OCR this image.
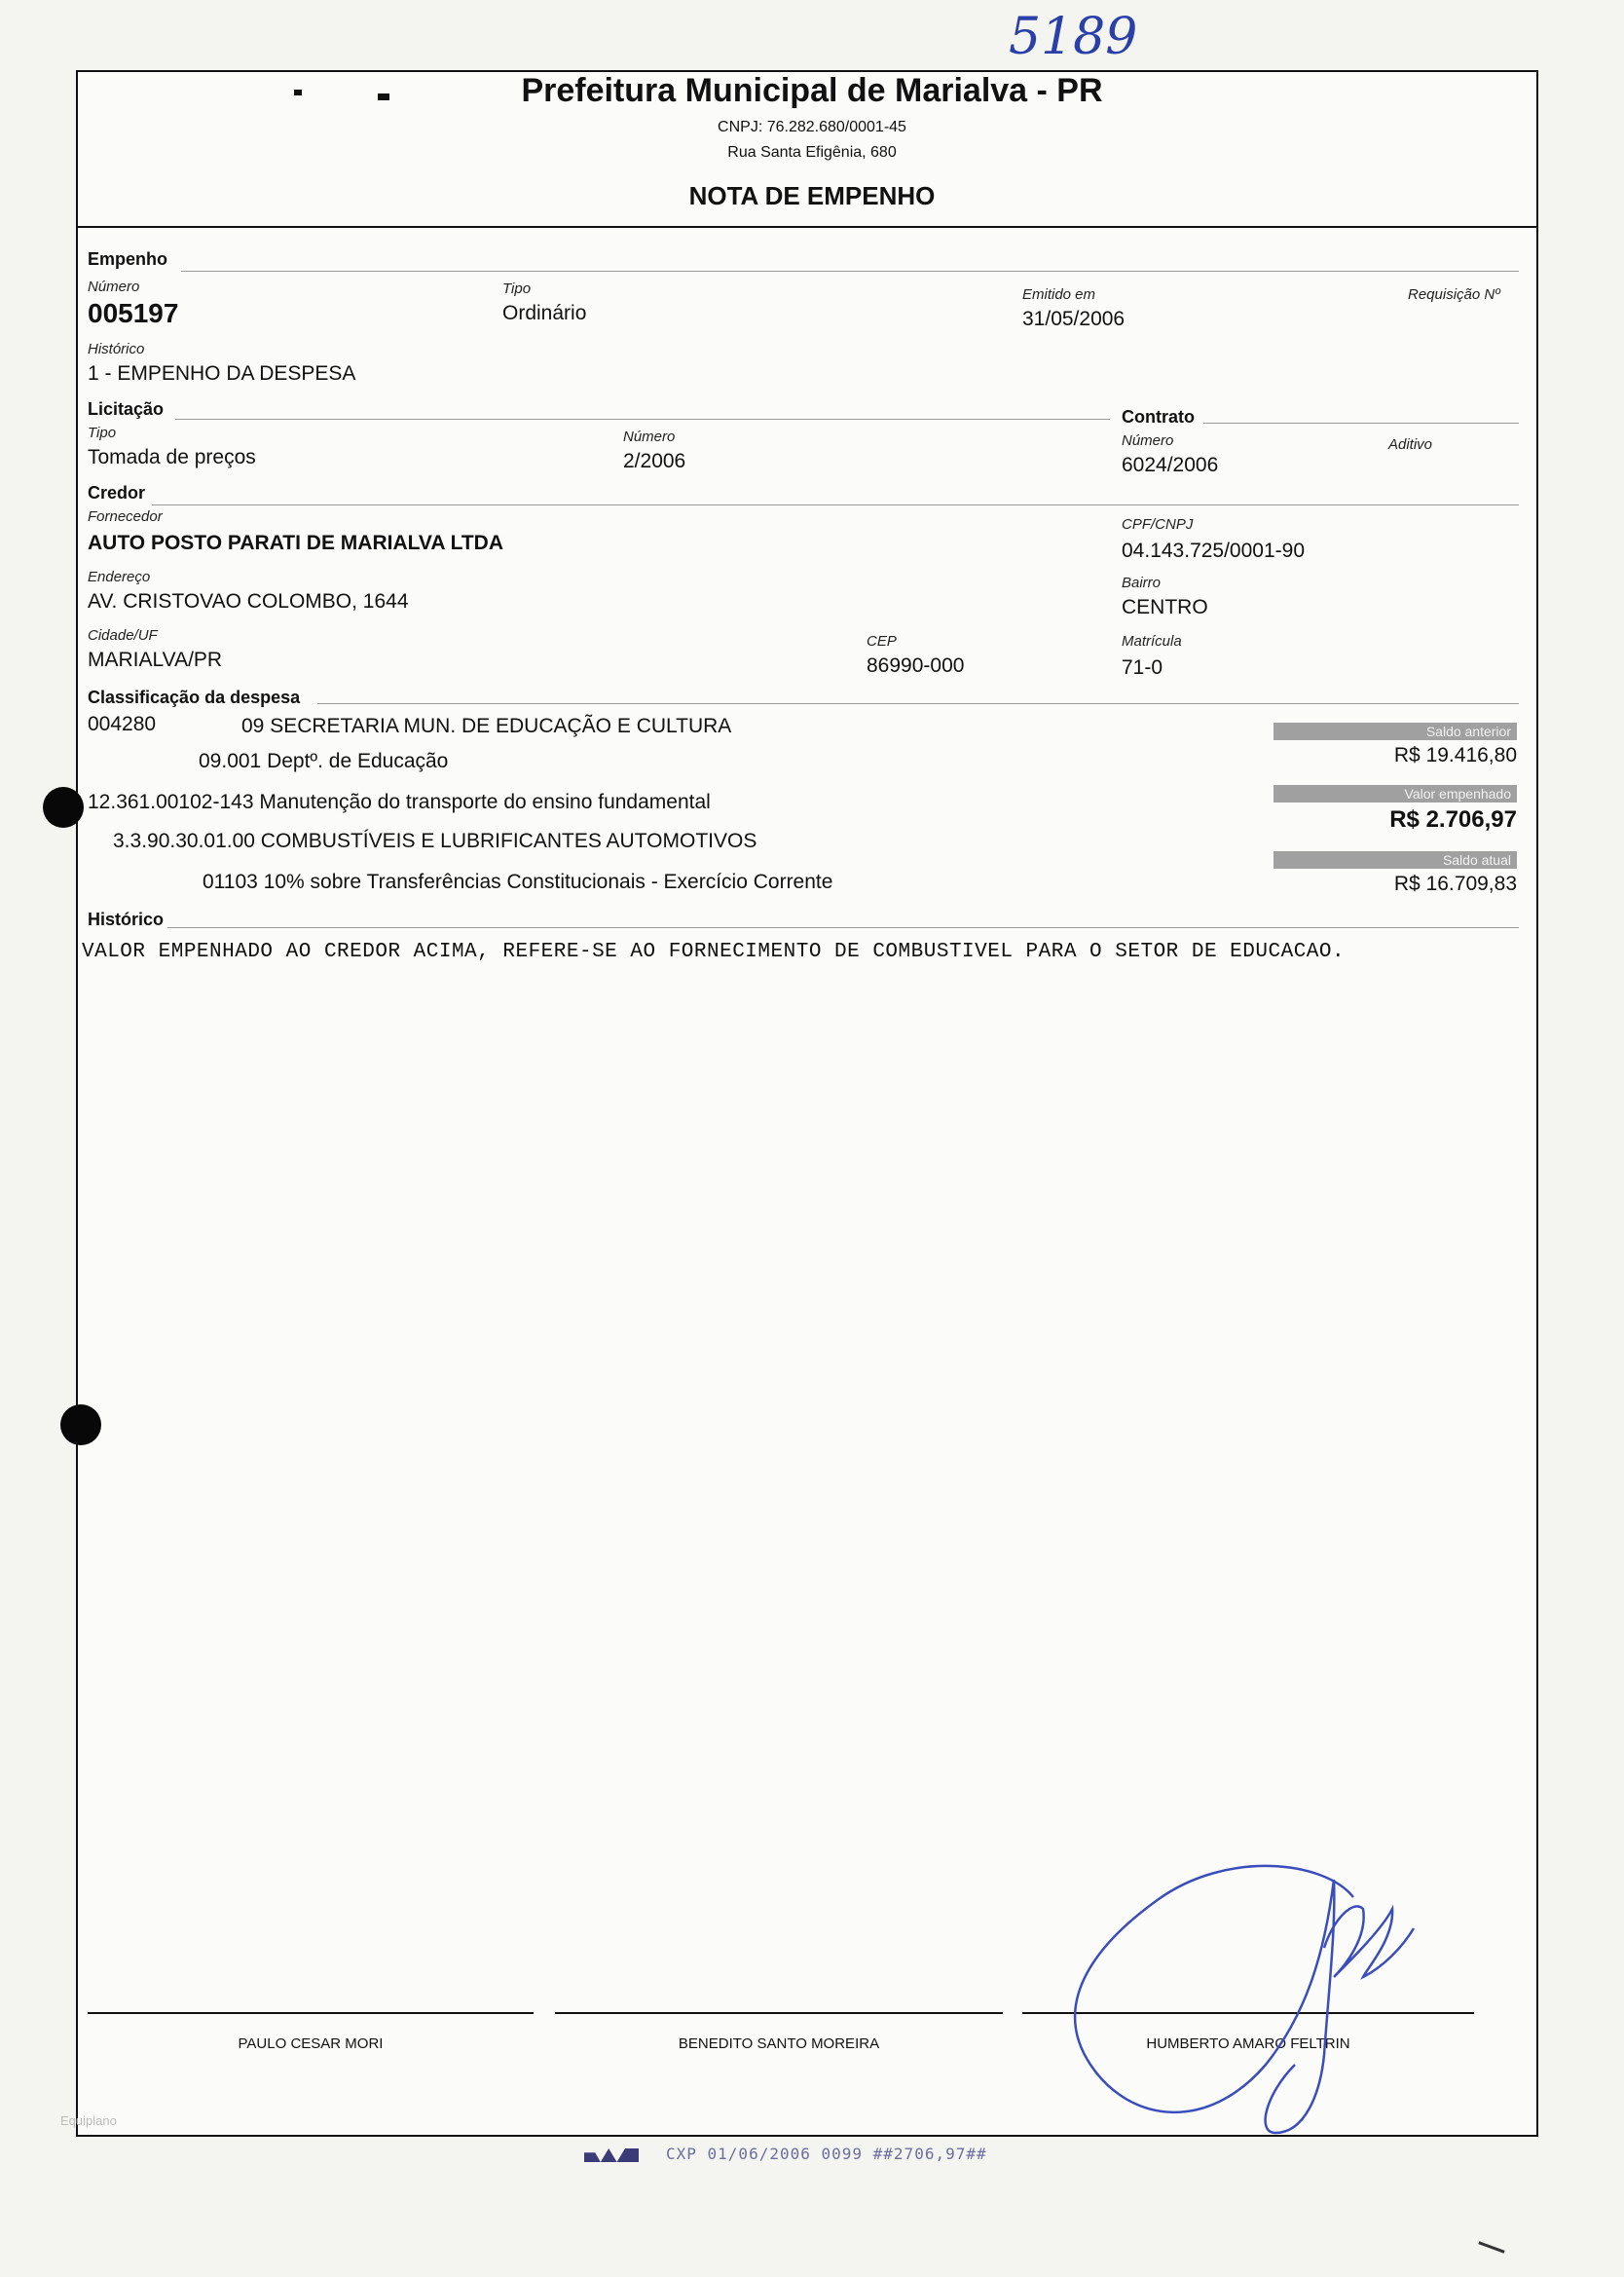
5189
Prefeitura Municipal de Marialva - PR
CNPJ: 76.282.680/0001-45
Rua Santa Efigênia, 680
NOTA DE EMPENHO
Empenho
Número
005197
Tipo
Ordinário
Emitido em
31/05/2006
Requisição Nº
Histórico
1 - EMPENHO DA DESPESA
Licitação
Tipo
Tomada de preços
Número
2/2006
Contrato
Número
6024/2006
Aditivo
Credor
Fornecedor
AUTO POSTO PARATI DE MARIALVA LTDA
CPF/CNPJ
04.143.725/0001-90
Endereço
AV. CRISTOVAO COLOMBO, 1644
Bairro
CENTRO
Cidade/UF
MARIALVA/PR
CEP
86990-000
Matrícula
71-0
Classificação da despesa
004280	09 SECRETARIA MUN. DE EDUCAÇÃO E CULTURA
09.001 Deptº. de Educação
12.361.00102-143 Manutenção do transporte do ensino fundamental
3.3.90.30.01.00 COMBUSTÍVEIS E LUBRIFICANTES AUTOMOTIVOS
01103 10% sobre Transferências Constitucionais - Exercício Corrente
Saldo anterior
R$ 19.416,80
Valor empenhado
R$ 2.706,97
Saldo atual
R$ 16.709,83
Histórico
VALOR EMPENHADO AO CREDOR ACIMA, REFERE-SE AO FORNECIMENTO DE COMBUSTIVEL PARA O SETOR DE EDUCACAO.
PAULO CESAR MORI	BENEDITO SANTO MOREIRA	HUMBERTO AMARO FELTRIN
Equiplano
CXP 01/06/2006 0099 ##2706,97##
